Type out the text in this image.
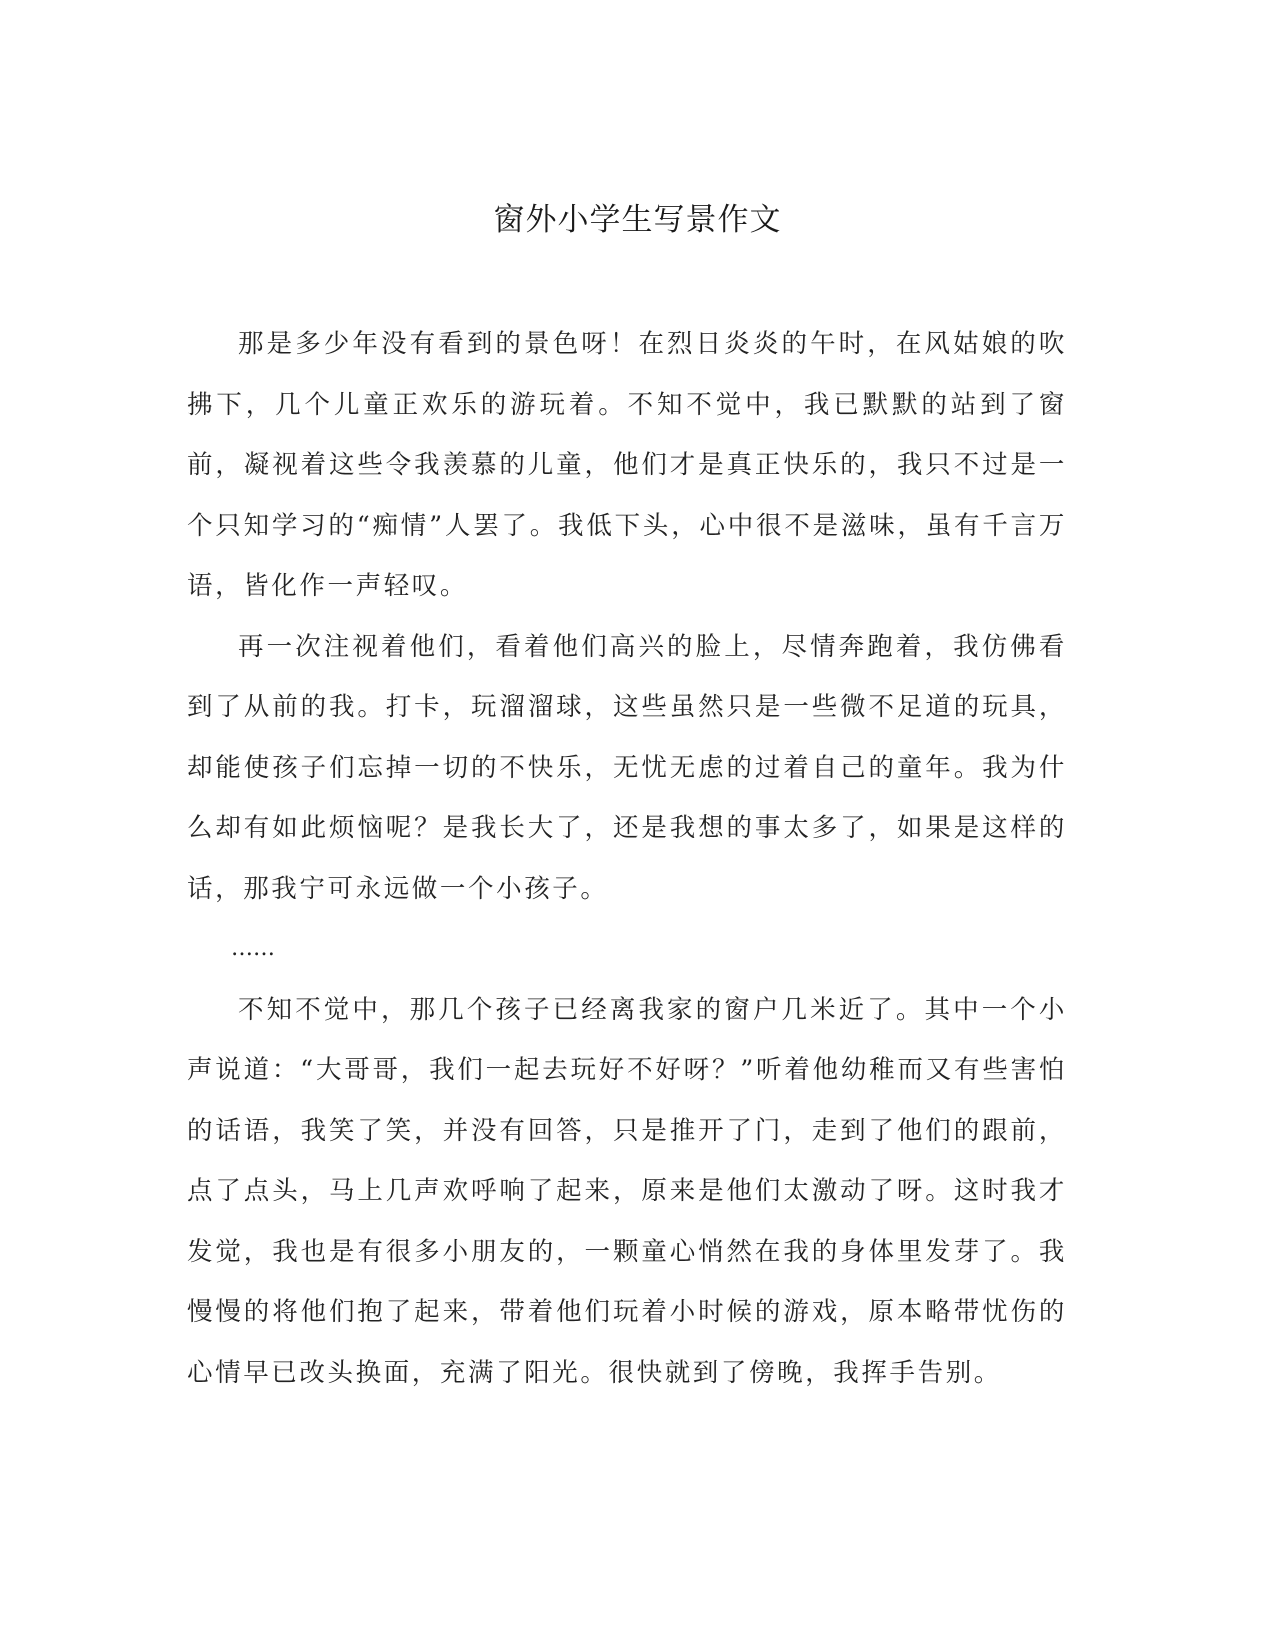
窗外小学生写景作文

那是多少年没有看到的景色呀！在烈日炎炎的午时，在风姑娘的吹拂下，几个儿童正欢乐的游玩着。不知不觉中，我已默默的站到了窗前，凝视着这些令我羡慕的儿童，他们才是真正快乐的，我只不过是一个只知学习的“痴情”人罢了。我低下头，心中很不是滋味，虽有千言万语，皆化作一声轻叹。

再一次注视着他们，看着他们高兴的脸上，尽情奔跑着，我仿佛看到了从前的我。打卡，玩溜溜球，这些虽然只是一些微不足道的玩具，却能使孩子们忘掉一切的不快乐，无忧无虑的过着自己的童年。我为什么却有如此烦恼呢？是我长大了，还是我想的事太多了，如果是这样的话，那我宁可永远做一个小孩子。

……

不知不觉中，那几个孩子已经离我家的窗户几米近了。其中一个小声说道：“大哥哥，我们一起去玩好不好呀？”听着他幼稚而又有些害怕的话语，我笑了笑，并没有回答，只是推开了门，走到了他们的跟前，点了点头，马上几声欢呼响了起来，原来是他们太激动了呀。这时我才发觉，我也是有很多小朋友的，一颗童心悄然在我的身体里发芽了。我慢慢的将他们抱了起来，带着他们玩着小时候的游戏，原本略带忧伤的心情早已改头换面，充满了阳光。很快就到了傍晚，我挥手告别。
